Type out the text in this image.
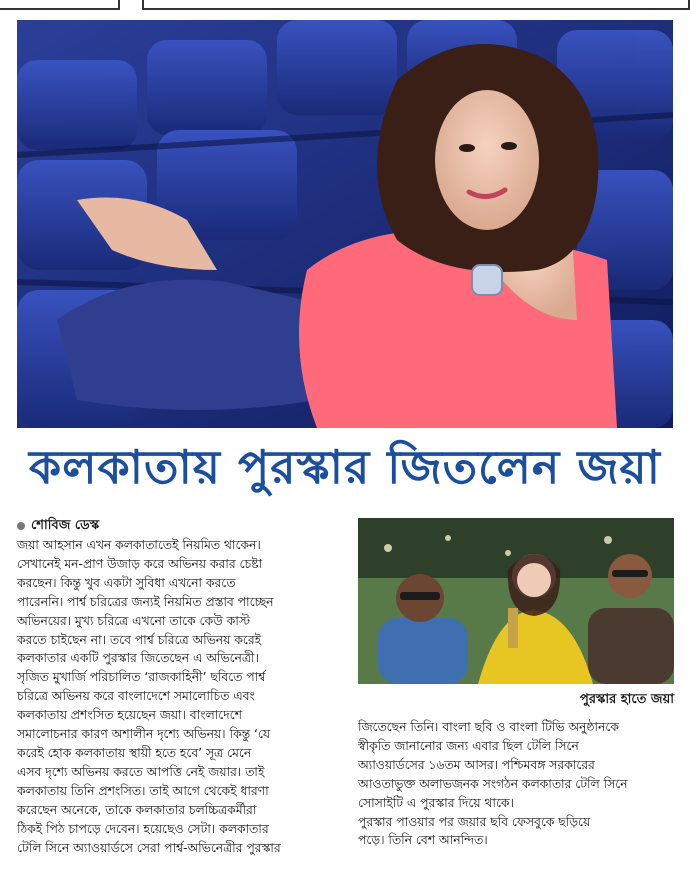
কলকাতায় পুরস্কার জিতলেন জয়া
শোবিজ ডেস্ক
জয়া আহসান এখন কলকাতাতেই নিয়মিত থাকেন।
সেখানেই মন-প্রাণ উজাড় করে অভিনয় করার চেষ্টা
করছেন। কিন্তু খুব একটা সুবিধা এখনো করতে
পারেননি। পার্শ্ব চরিত্রের জন্যই নিয়মিত প্রস্তাব পাচ্ছেন
অভিনয়ের। মুখ্য চরিত্রে এখনো তাকে কেউ কাস্ট
করতে চাইছেন না। তবে পার্শ্ব চরিত্রে অভিনয় করেই
কলকাতার একটি পুরস্কার জিতেছেন এ অভিনেত্রী।
সৃজিত মুখার্জি পরিচালিত ‘রাজকাহিনী’ ছবিতে পার্শ্ব
চরিত্রে অভিনয় করে বাংলাদেশে সমালোচিত এবং
কলকাতায় প্রশংসিত হয়েছেন জয়া। বাংলাদেশে
সমালোচনার কারণ অশালীন দৃশ্যে অভিনয়। কিন্তু ‘যে
করেই হোক কলকাতায় স্থায়ী হতে হবে’ সূত্র মেনে
এসব দৃশ্যে অভিনয় করতে আপত্তি নেই জয়ার। তাই
কলকাতায় তিনি প্রশংসিত। তাই আগে থেকেই ধারণা
করেছেন অনেকে, তাকে কলকাতার চলচ্চিত্রকর্মীরা
ঠিকই পিঠ চাপড়ে দেবেন। হয়েছেও সেটা। কলকাতার
টেলি সিনে অ্যাওয়ার্ডসে সেরা পার্শ্ব-অভিনেত্রীর পুরস্কার
পুরস্কার হাতে জয়া
জিতেছেন তিনি। বাংলা ছবি ও বাংলা টিভি অনুষ্ঠানকে
স্বীকৃতি জানানোর জন্য এবার ছিল টেলি সিনে
অ্যাওয়ার্ডসের ১৬তম আসর। পশ্চিমবঙ্গ সরকারের
আওতাভুক্ত অলাভজনক সংগঠন কলকাতার টেলি সিনে
সোসাইটি এ পুরস্কার দিয়ে থাকে।
পুরস্কার পাওয়ার পর জয়ার ছবি ফেসবুকে ছড়িয়ে
পড়ে। তিনি বেশ আনন্দিত।
